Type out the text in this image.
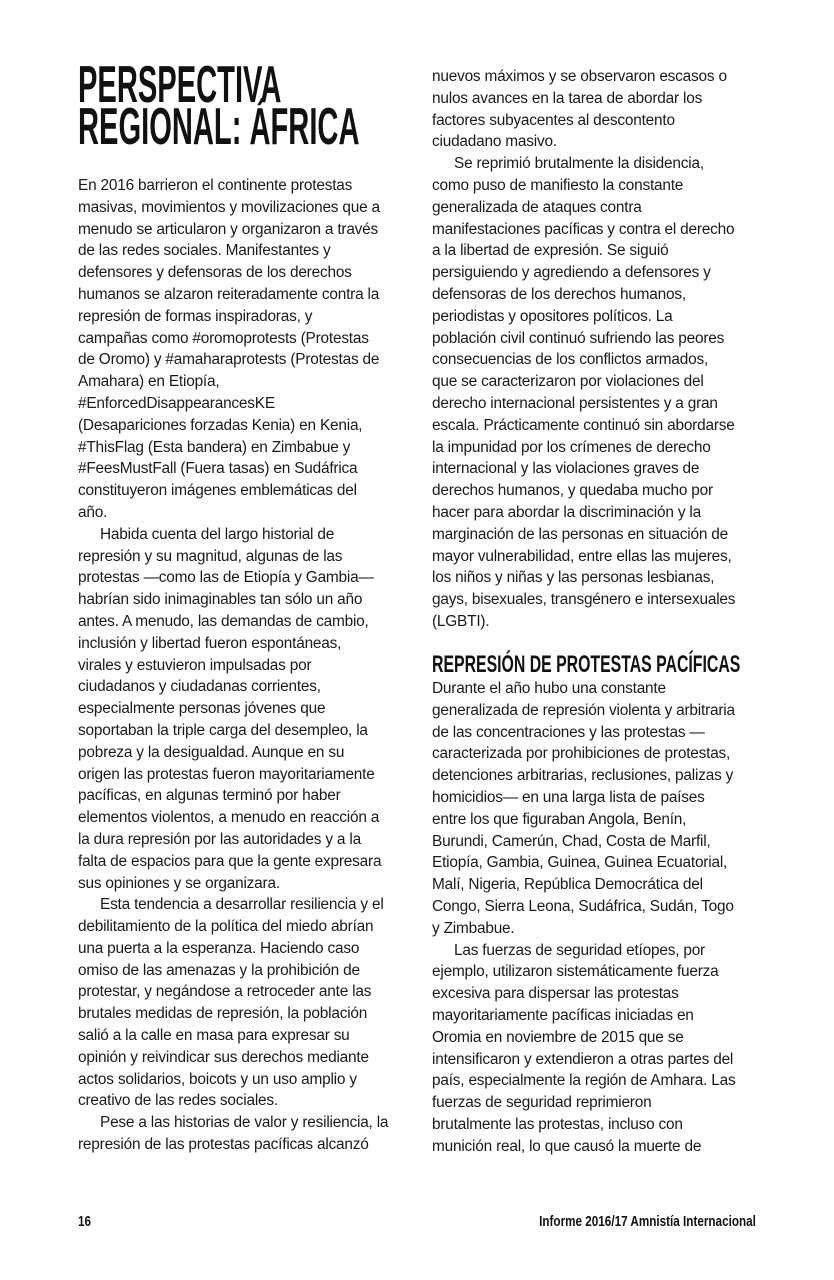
PERSPECTIVA
REGIONAL: ÁFRICA
En 2016 barrieron el continente protestas
masivas, movimientos y movilizaciones que a
menudo se articularon y organizaron a través
de las redes sociales. Manifestantes y
defensores y defensoras de los derechos
humanos se alzaron reiteradamente contra la
represión de formas inspiradoras, y
campañas como #oromoprotests (Protestas
de Oromo) y #amaharaprotests (Protestas de
Amahara) en Etiopía,
#EnforcedDisappearancesKE
(Desapariciones forzadas Kenia) en Kenia,
#ThisFlag (Esta bandera) en Zimbabue y
#FeesMustFall (Fuera tasas) en Sudáfrica
constituyeron imágenes emblemáticas del
año.
Habida cuenta del largo historial de
represión y su magnitud, algunas de las
protestas —como las de Etiopía y Gambia—
habrían sido inimaginables tan sólo un año
antes. A menudo, las demandas de cambio,
inclusión y libertad fueron espontáneas,
virales y estuvieron impulsadas por
ciudadanos y ciudadanas corrientes,
especialmente personas jóvenes que
soportaban la triple carga del desempleo, la
pobreza y la desigualdad. Aunque en su
origen las protestas fueron mayoritariamente
pacíficas, en algunas terminó por haber
elementos violentos, a menudo en reacción a
la dura represión por las autoridades y a la
falta de espacios para que la gente expresara
sus opiniones y se organizara.
Esta tendencia a desarrollar resiliencia y el
debilitamiento de la política del miedo abrían
una puerta a la esperanza. Haciendo caso
omiso de las amenazas y la prohibición de
protestar, y negándose a retroceder ante las
brutales medidas de represión, la población
salió a la calle en masa para expresar su
opinión y reivindicar sus derechos mediante
actos solidarios, boicots y un uso amplio y
creativo de las redes sociales.
Pese a las historias de valor y resiliencia, la
represión de las protestas pacíficas alcanzó
nuevos máximos y se observaron escasos o
nulos avances en la tarea de abordar los
factores subyacentes al descontento
ciudadano masivo.
Se reprimió brutalmente la disidencia,
como puso de manifiesto la constante
generalizada de ataques contra
manifestaciones pacíficas y contra el derecho
a la libertad de expresión. Se siguió
persiguiendo y agrediendo a defensores y
defensoras de los derechos humanos,
periodistas y opositores políticos. La
población civil continuó sufriendo las peores
consecuencias de los conflictos armados,
que se caracterizaron por violaciones del
derecho internacional persistentes y a gran
escala. Prácticamente continuó sin abordarse
la impunidad por los crímenes de derecho
internacional y las violaciones graves de
derechos humanos, y quedaba mucho por
hacer para abordar la discriminación y la
marginación de las personas en situación de
mayor vulnerabilidad, entre ellas las mujeres,
los niños y niñas y las personas lesbianas,
gays, bisexuales, transgénero e intersexuales
(LGBTI).
REPRESIÓN DE PROTESTAS PACÍFICAS
Durante el año hubo una constante
generalizada de represión violenta y arbitraria
de las concentraciones y las protestas —
caracterizada por prohibiciones de protestas,
detenciones arbitrarias, reclusiones, palizas y
homicidios— en una larga lista de países
entre los que figuraban Angola, Benín,
Burundi, Camerún, Chad, Costa de Marfil,
Etiopía, Gambia, Guinea, Guinea Ecuatorial,
Malí, Nigeria, República Democrática del
Congo, Sierra Leona, Sudáfrica, Sudán, Togo
y Zimbabue.
Las fuerzas de seguridad etíopes, por
ejemplo, utilizaron sistemáticamente fuerza
excesiva para dispersar las protestas
mayoritariamente pacíficas iniciadas en
Oromia en noviembre de 2015 que se
intensificaron y extendieron a otras partes del
país, especialmente la región de Amhara. Las
fuerzas de seguridad reprimieron
brutalmente las protestas, incluso con
munición real, lo que causó la muerte de
16	Informe 2016/17 Amnistía Internacional
